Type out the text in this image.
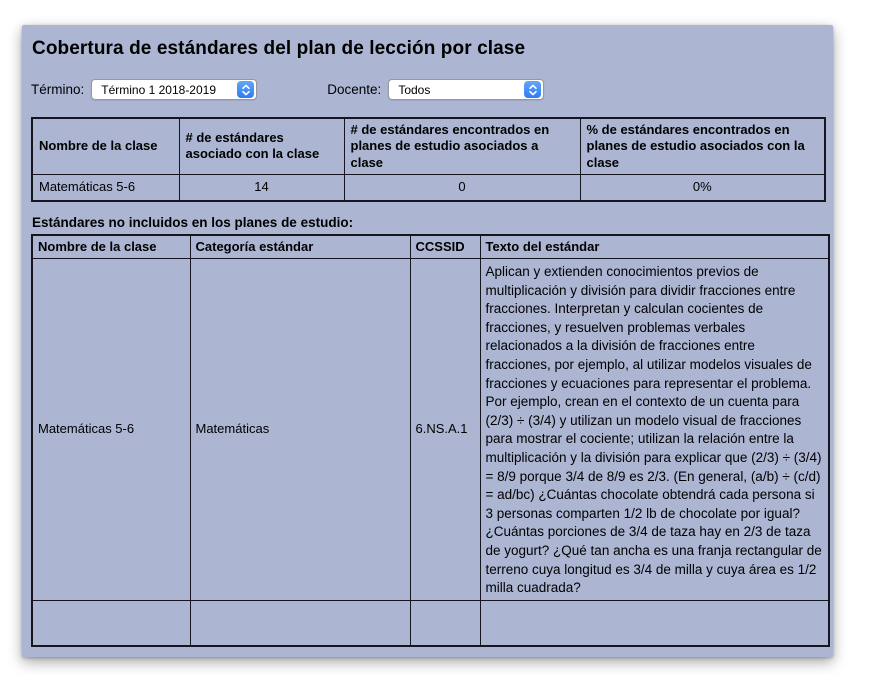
Cobertura de estándares del plan de lección por clase
Término: Término 1 2018-2019	Docente: Todos
Nombre de la clase	# de estándares asociado con la clase	# de estándares encontrados en planes de estudio asociados a clase	% de estándares encontrados en planes de estudio asociados con la clase
Matemáticas 5-6	14	0	0%
Estándares no incluidos en los planes de estudio:
Nombre de la clase	Categoría estándar	CCSSID	Texto del estándar
Matemáticas 5-6	Matemáticas	6.NS.A.1	Aplican y extienden conocimientos previos de multiplicación y división para dividir fracciones entre fracciones. Interpretan y calculan cocientes de fracciones, y resuelven problemas verbales relacionados a la división de fracciones entre fracciones, por ejemplo, al utilizar modelos visuales de fracciones y ecuaciones para representar el problema. Por ejemplo, crean en el contexto de un cuenta para (2/3) ÷ (3/4) y utilizan un modelo visual de fracciones para mostrar el cociente; utilizan la relación entre la multiplicación y la división para explicar que (2/3) ÷ (3/4) = 8/9 porque 3/4 de 8/9 es 2/3. (En general, (a/b) ÷ (c/d) = ad/bc) ¿Cuántas chocolate obtendrá cada persona si 3 personas comparten 1/2 lb de chocolate por igual? ¿Cuántas porciones de 3/4 de taza hay en 2/3 de taza de yogurt? ¿Qué tan ancha es una franja rectangular de terreno cuya longitud es 3/4 de milla y cuya área es 1/2 milla cuadrada?
